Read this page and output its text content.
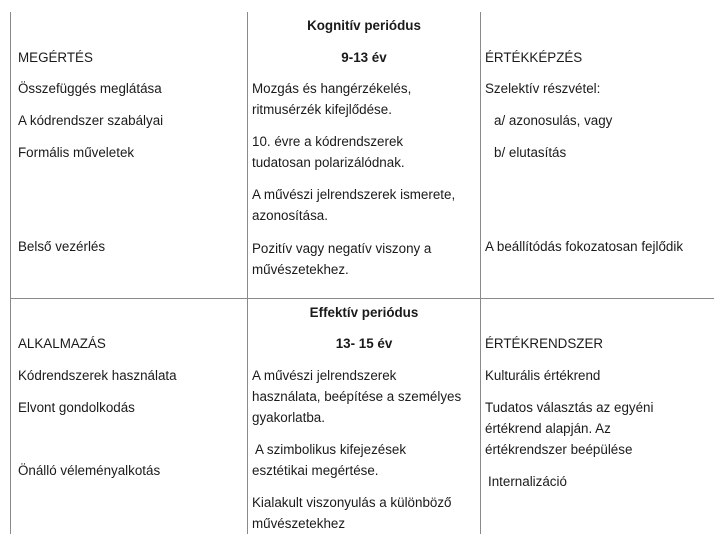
Kognitív periódus
9-13 év
MEGÉRTÉS
Összefüggés meglátása
A kódrendszer szabályai
Formális műveletek
Belső vezérlés
Mozgás és hangérzékelés,
ritmusérzék kifejlődése.
10. évre a kódrendszerek
tudatosan polarizálódnak.
A művészi jelrendszerek ismerete,
azonosítása.
Pozitív vagy negatív viszony a
művészetekhez.
ÉRTÉKKÉPZÉS
Szelektív részvétel:
a/ azonosulás, vagy
b/ elutasítás
A beállítódás fokozatosan fejlődik
Effektív periódus
13- 15 év
ALKALMAZÁS
Kódrendszerek használata
Elvont gondolkodás
Önálló véleményalkotás
A művészi jelrendszerek
használata, beépítése a személyes
gyakorlatba.
A szimbolikus kifejezések
esztétikai megértése.
Kialakult viszonyulás a különböző
művészetekhez
ÉRTÉKRENDSZER
Kulturális értékrend
Tudatos választás az egyéni
értékrend alapján. Az
értékrendszer beépülése
Internalizáció
